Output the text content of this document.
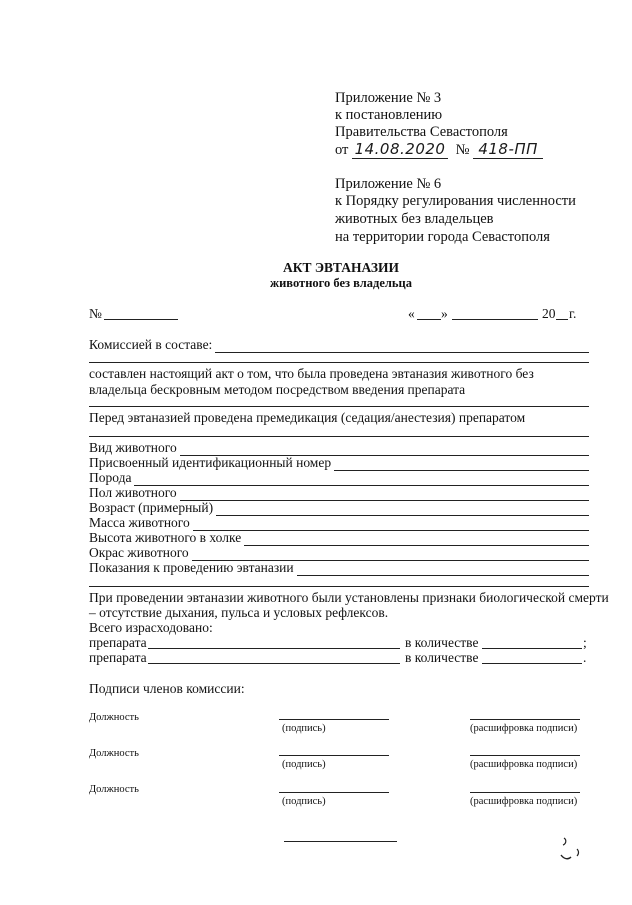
Приложение № 3
к постановлению
Правительства Севастополя
от 14.08.2020 № 418-ПП
Приложение № 6
к Порядку регулирования численности
животных без владельцев
на территории города Севастополя
АКТ ЭВТАНАЗИИ
животного без владельца
№	« »	20 г.
Комиссией в составе:
составлен настоящий акт о том, что была проведена эвтаназия животного без
владельца бескровным методом посредством введения препарата
Перед эвтаназией проведена премедикация (седация/анестезия) препаратом
Вид животного
Присвоенный идентификационный номер
Порода
Пол животного
Возраст (примерный)
Масса животного
Высота животного в холке
Окрас животного
Показания к проведению эвтаназии
При проведении эвтаназии животного были установлены признаки биологической смерти
– отсутствие дыхания, пульса и условых рефлексов.
Всего израсходовано:
препарата	в количестве	;
препарата	в количестве	.
Подписи членов комиссии:
Должность
(подпись)	(расшифровка подписи)
Должность
(подпись)	(расшифровка подписи)
Должность
(подпись)	(расшифровка подписи)
